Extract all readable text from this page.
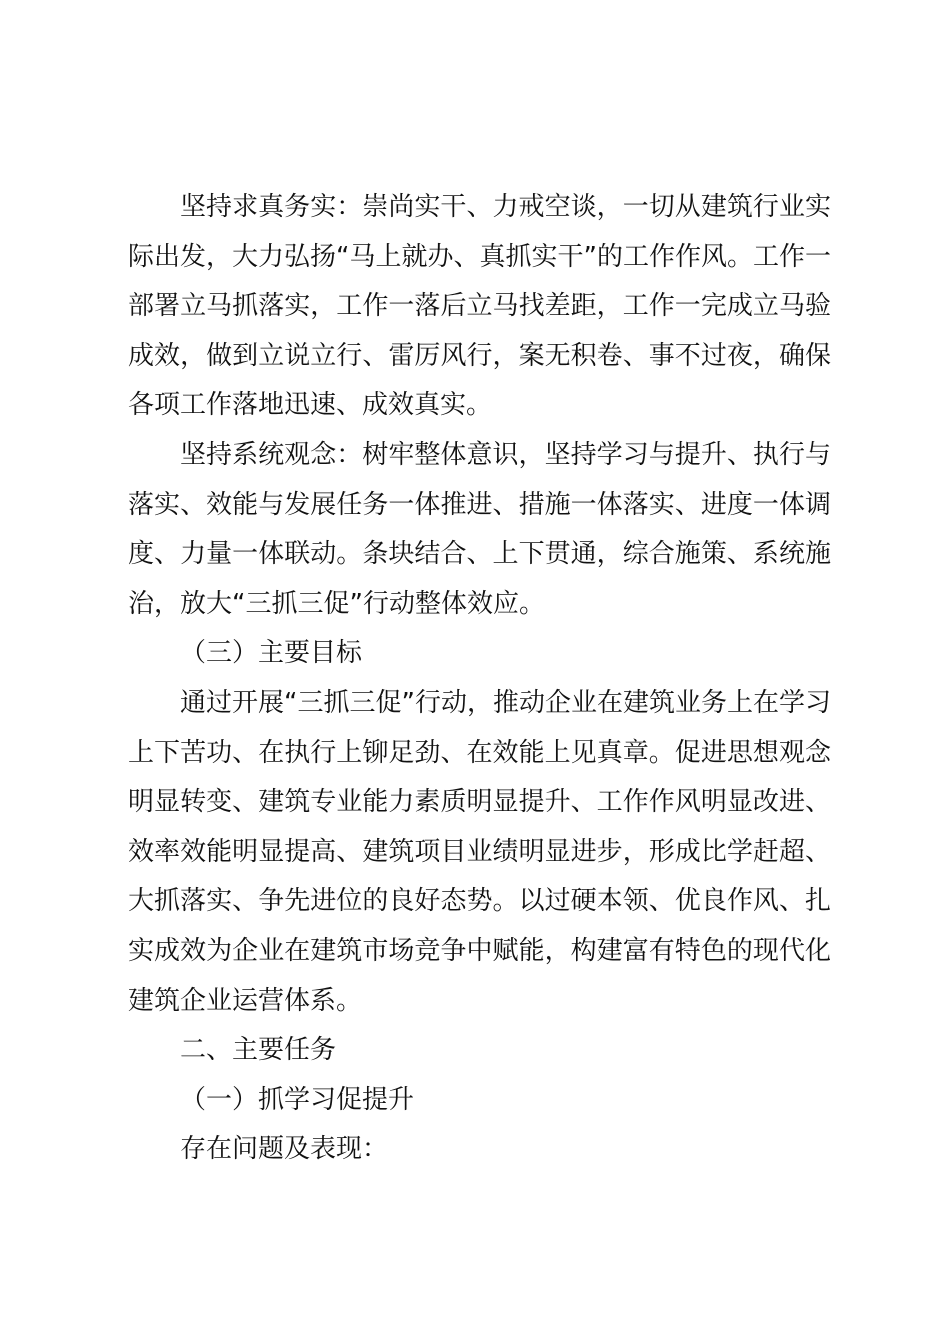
坚持求真务实：崇尚实干、力戒空谈，一切从建筑行业实际出发，大力弘扬“马上就办、真抓实干”的工作作风。工作一部署立马抓落实，工作一落后立马找差距，工作一完成立马验成效，做到立说立行、雷厉风行，案无积卷、事不过夜，确保各项工作落地迅速、成效真实。

坚持系统观念：树牢整体意识，坚持学习与提升、执行与落实、效能与发展任务一体推进、措施一体落实、进度一体调度、力量一体联动。条块结合、上下贯通，综合施策、系统施治，放大“三抓三促”行动整体效应。

（三）主要目标

通过开展“三抓三促”行动，推动企业在建筑业务上在学习上下苦功、在执行上铆足劲、在效能上见真章。促进思想观念明显转变、建筑专业能力素质明显提升、工作作风明显改进、效率效能明显提高、建筑项目业绩明显进步，形成比学赶超、大抓落实、争先进位的良好态势。以过硬本领、优良作风、扎实成效为企业在建筑市场竞争中赋能，构建富有特色的现代化建筑企业运营体系。

二、主要任务

（一）抓学习促提升

存在问题及表现：
